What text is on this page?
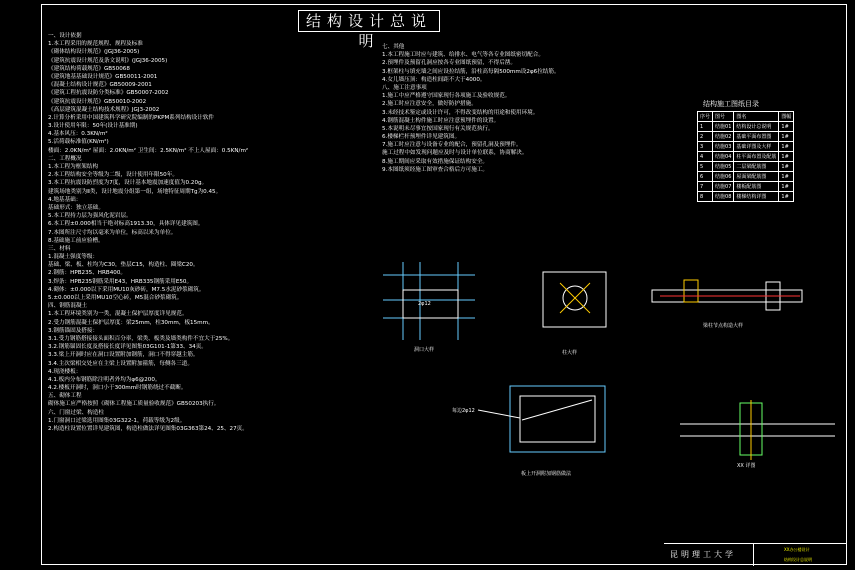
结构设计总说明
一、设计依据
1.本工程采用的规范规程、规程及标准
《砌体结构设计规范》(JGJ36-2005)
《建筑抗震设计规范及条文说明》(JGJ36-2005)
《建筑结构荷载规范》GB50068
《建筑地基基础设计规范》GB50011-2001
《混凝土结构设计规范》GB50009-2001
《建筑工程抗震设防分类标准》GB50007-2002
《建筑抗震设计规范》GB50010-2002
《高层建筑混凝土结构技术规程》JGJ3-2002
2.计算分析采用中国建筑科学研究院编制的PKPM系列结构设计软件
3.设计使用年限：50年(设计基准期)
4.基本风压：0.3KN/m²
5.活荷载标准值(KN/m²)
楼面：2.0KN/m² 屋面：2.0KN/m² 卫生间：2.5KN/m² 不上人屋面：0.5KN/m²
二、工程概况
1.本工程为框架结构
2.本工程结构安全等级为二级，设计使用年限50年。
3.本工程抗震设防烈度为7度，设计基本地震加速度值为0.20g。
建筑场地类别为Ⅱ类，设计地震分组第一组，场地特征周期Tg为0.45。
4.地基基础：
基础形式：独立基础。
5.本工程持力层为强风化泥岩层。
6.本工程±0.000相当于绝对标高1913.30，具体详见建筑图。
7.本图所注尺寸均以毫米为单位，标高以米为单位。
8.基础施工前应验槽。
三、材料
1.混凝土强度等级：
基础、梁、板、柱均为C30，垫层C15，构造柱、圈梁C20。
2.钢筋：HPB235、HRB400。
3.焊条：HPB235钢筋采用E43，HRB335钢筋采用E50。
4.砌体：±0.000以下采用MU10灰砂砖，M7.5水泥砂浆砌筑。
5.±0.000以上采用MU10空心砖，M5混合砂浆砌筑。
四、钢筋混凝土
1.本工程环境类别为一类，混凝土保护层厚度详见规范。
2.受力钢筋混凝土保护层厚度：梁25mm，柱30mm，板15mm。
3.钢筋锚固及搭接：
3.1.受力钢筋搭接接头面积百分率，梁类、板类及墙类构件不宜大于25%。
3.2.钢筋锚固长度及搭接长度详见图集03G101-1第33、34页。
3.3.梁上开洞时应在洞口设置附加钢筋，洞口不得穿越主筋。
3.4.主次梁相交处应在主梁上设置附加箍筋，每侧各三道。
4.现浇楼板：
4.1.板内分布钢筋除注明者外均为φ6@200。
4.2.楼板开洞时，洞口小于300mm时钢筋绕过不截断。
五、砌体工程
砌体施工应严格按照《砌体工程施工质量验收规范》GB50203执行。
六、门窗过梁、构造柱
1.门窗洞口过梁选用图集03G322-1，荷载等级为2级。
2.构造柱设置位置详见建筑图，构造柱做法详见图集03G363第24、25、27页。
七、其他
1.本工程施工时应与建筑、给排水、电气等各专业图纸密切配合。
2.预埋件及预留孔洞应按各专业图纸预留，不得后凿。
3.框架柱与填充墙之间应设拉结筋，沿柱高每隔500mm设2φ6拉结筋。
4.女儿墙压顶：构造柱间距不大于4000。
八、施工注意事项
1.施工中应严格遵守国家现行各项施工及验收规范。
2.施工时应注意安全，做好防护措施。
3.未经技术鉴定或设计许可，不得改变结构的用途和使用环境。
4.钢筋混凝土构件施工时应注意预埋件的设置。
5.本说明未尽事宜按国家现行有关规范执行。
6.楼梯栏杆预埋件详见建筑图。
7.施工时应注意与设备专业的配合，预留孔洞及预埋件。
施工过程中如发现问题应及时与设计单位联系，协商解决。
8.施工期间应采取有效措施保证结构安全。
9.本图纸须经施工图审查合格后方可施工。
结构施工图纸目录
序号	图号	图名	图幅
1	结施01	结构设计总说明	1#
2	结施02	基础平面布置图	1#
3	结施03	基础详图及大样	1#
4	结施04	柱平面布置及配筋	1#
5	结施05	二层梁配筋图	1#
6	结施06	屋面梁配筋图	1#
7	结施07	楼板配筋图	1#
8	结施08	楼梯结构详图	1#
2φ12
洞口大样	柱大样
梁柱节点构造大样
每边2φ12
板上开洞附加钢筋做法
XX 详图
昆明理工大学
XX办公楼设计
结构设计总说明
